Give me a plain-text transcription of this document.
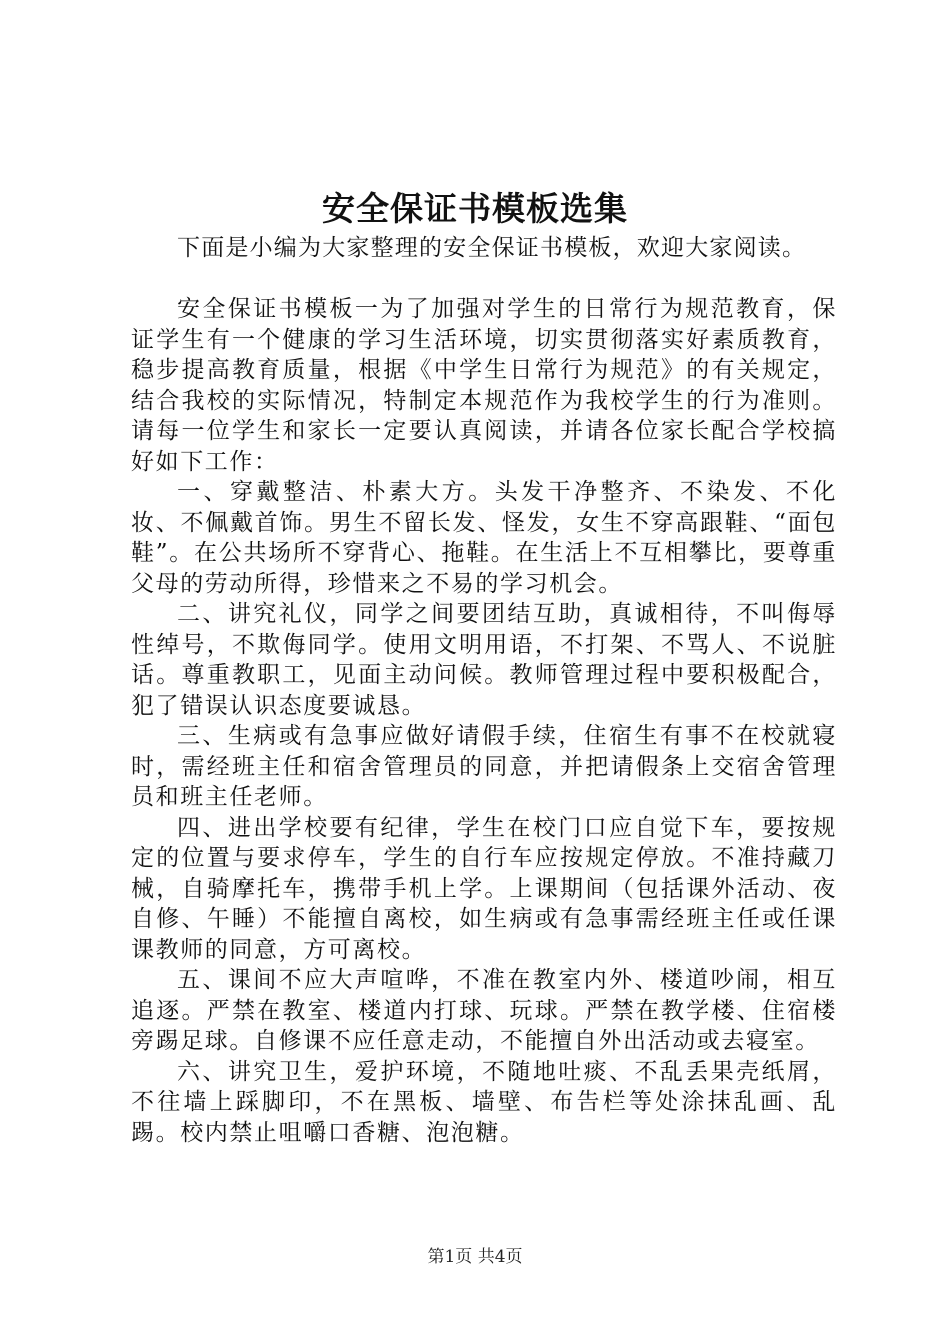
安全保证书模板选集

下面是小编为大家整理的安全保证书模板，欢迎大家阅读。

安全保证书模板一为了加强对学生的日常行为规范教育，保证学生有一个健康的学习生活环境，切实贯彻落实好素质教育，稳步提高教育质量，根据《中学生日常行为规范》的有关规定，结合我校的实际情况，特制定本规范作为我校学生的行为准则。请每一位学生和家长一定要认真阅读，并请各位家长配合学校搞好如下工作：

一、穿戴整洁、朴素大方。头发干净整齐、不染发、不化妆、不佩戴首饰。男生不留长发、怪发，女生不穿高跟鞋、“面包鞋”。在公共场所不穿背心、拖鞋。在生活上不互相攀比，要尊重父母的劳动所得，珍惜来之不易的学习机会。

二、讲究礼仪，同学之间要团结互助，真诚相待，不叫侮辱性绰号，不欺侮同学。使用文明用语，不打架、不骂人、不说脏话。尊重教职工，见面主动问候。教师管理过程中要积极配合，犯了错误认识态度要诚恳。

三、生病或有急事应做好请假手续，住宿生有事不在校就寝时，需经班主任和宿舍管理员的同意，并把请假条上交宿舍管理员和班主任老师。

四、进出学校要有纪律，学生在校门口应自觉下车，要按规定的位置与要求停车，学生的自行车应按规定停放。不准持藏刀械，自骑摩托车，携带手机上学。上课期间（包括课外活动、夜自修、午睡）不能擅自离校，如生病或有急事需经班主任或任课课教师的同意，方可离校。

五、课间不应大声喧哗，不准在教室内外、楼道吵闹，相互追逐。严禁在教室、楼道内打球、玩球。严禁在教学楼、住宿楼旁踢足球。自修课不应任意走动，不能擅自外出活动或去寝室。

六、讲究卫生，爱护环境，不随地吐痰、不乱丢果壳纸屑，不往墙上踩脚印，不在黑板、墙壁、布告栏等处涂抹乱画、乱踢。校内禁止咀嚼口香糖、泡泡糖。

第1页 共4页
